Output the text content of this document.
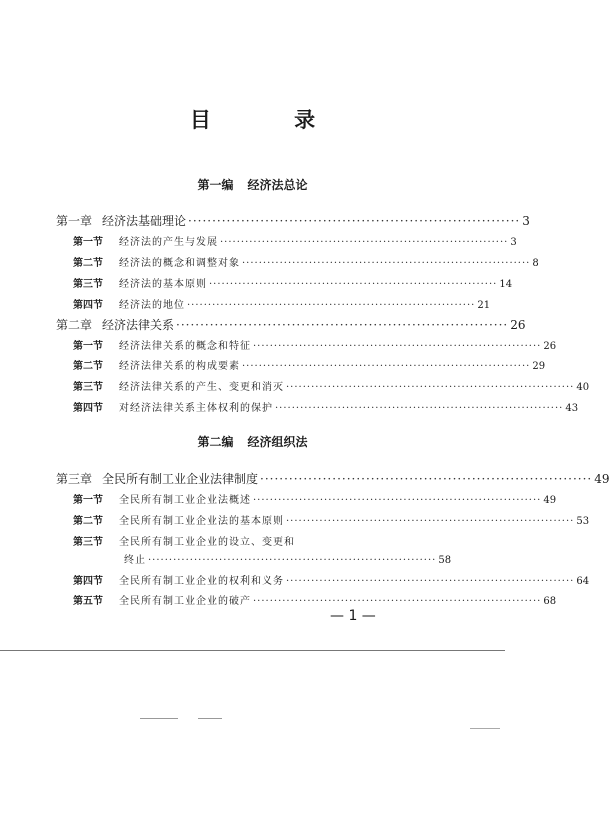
目 录
第一编 经济法总论
第一章 经济法基础理论 ····································································· 3
第一节 经济法的产生与发展 ····································································· 3
第二节 经济法的概念和调整对象 ····································································· 8
第三节 经济法的基本原则 ····································································· 14
第四节 经济法的地位 ····································································· 21
第二章 经济法律关系 ····································································· 26
第一节 经济法律关系的概念和特征 ····································································· 26
第二节 经济法律关系的构成要素 ····································································· 29
第三节 经济法律关系的产生、变更和消灭 ····································································· 40
第四节 对经济法律关系主体权利的保护 ····································································· 43
第二编 经济组织法
第三章 全民所有制工业企业法律制度 ····································································· 49
第一节 全民所有制工业企业法概述 ····································································· 49
第二节 全民所有制工业企业法的基本原则 ····································································· 53
第三节 全民所有制工业企业的设立、变更和
终止 ····································································· 58
第四节 全民所有制工业企业的权利和义务 ····································································· 64
第五节 全民所有制工业企业的破产 ····································································· 68
— 1 —
